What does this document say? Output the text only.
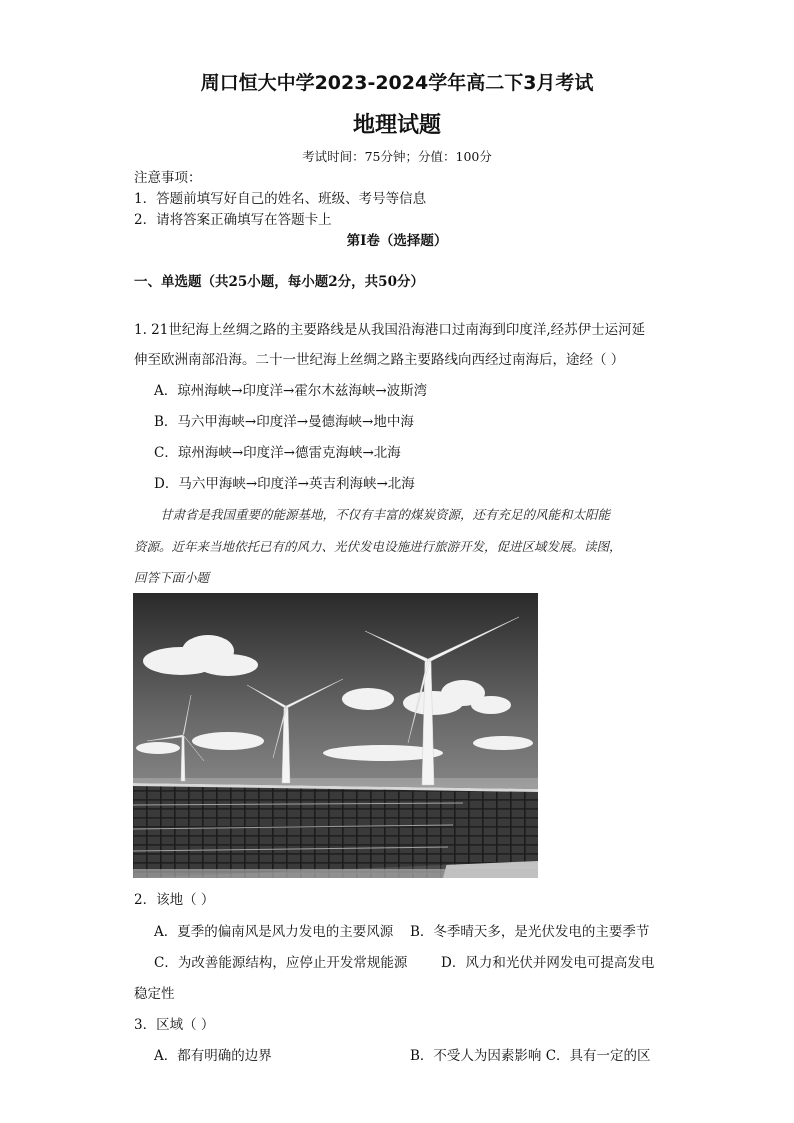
周口恒大中学2023-2024学年高二下3月考试
地理试题
考试时间：75分钟；分值：100分
注意事项：
1．答题前填写好自己的姓名、班级、考号等信息
2．请将答案正确填写在答题卡上
第I卷（选择题）
一、单选题（共25小题，每小题2分，共50分）
1. 21世纪海上丝绸之路的主要路线是从我国沿海港口过南海到印度洋,经苏伊士运河延
伸至欧洲南部沿海。二十一世纪海上丝绸之路主要路线向西经过南海后，途经（ ）
A．琼州海峡→印度洋→霍尔木兹海峡→波斯湾
B．马六甲海峡→印度洋→曼德海峡→地中海
C．琼州海峡→印度洋→德雷克海峡→北海
D．马六甲海峡→印度洋→英吉利海峡→北海
甘肃省是我国重要的能源基地，不仅有丰富的煤炭资源，还有充足的风能和太阳能
资源。近年来当地依托已有的风力、光伏发电设施进行旅游开发，促进区域发展。读图，
回答下面小题
2．该地（ ）
A．夏季的偏南风是风力发电的主要风源 B．冬季晴天多，是光伏发电的主要季节
C．为改善能源结构，应停止开发常规能源 D．风力和光伏并网发电可提高发电
稳定性
3．区域（ ）
A．都有明确的边界	B．不受人为因素影响 C．具有一定的区
